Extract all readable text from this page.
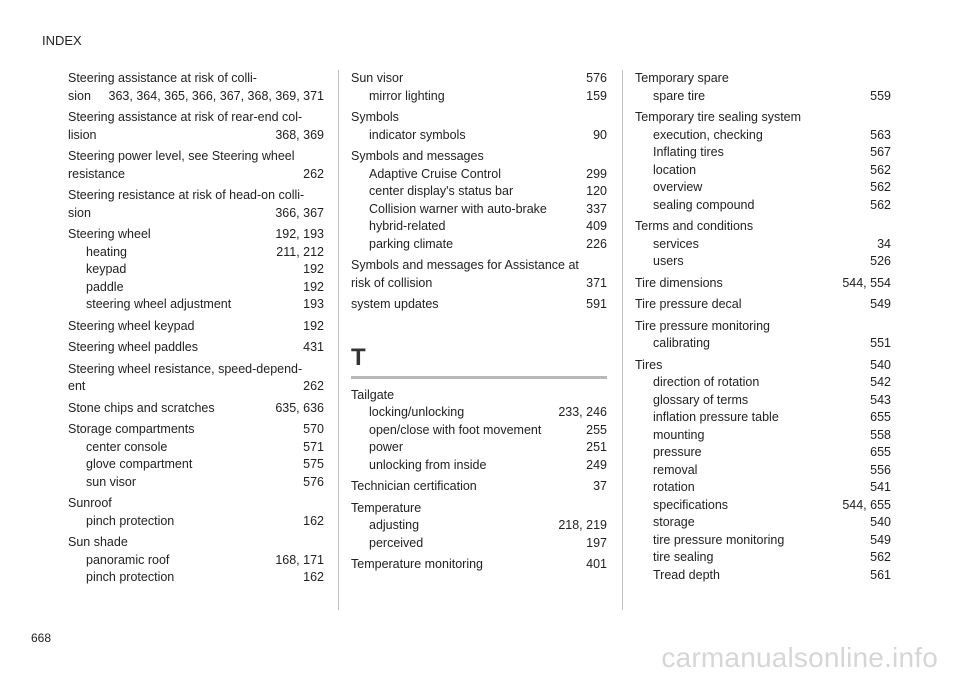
INDEX
Steering assistance at risk of colli-
sion 363, 364, 365, 366, 367, 368, 369, 371
Steering assistance at risk of rear-end col-
lision	368, 369
Steering power level, see Steering wheel
resistance	262
Steering resistance at risk of head-on colli-
sion	366, 367
Steering wheel	192, 193
heating	211, 212
keypad	192
paddle	192
steering wheel adjustment	193
Steering wheel keypad	192
Steering wheel paddles	431
Steering wheel resistance, speed-depend-
ent	262
Stone chips and scratches	635, 636
Storage compartments	570
center console	571
glove compartment	575
sun visor	576
Sunroof
pinch protection	162
Sun shade
panoramic roof	168, 171
pinch protection	162
Sun visor	576
mirror lighting	159
Symbols
indicator symbols	90
Symbols and messages
Adaptive Cruise Control	299
center display's status bar	120
Collision warner with auto-brake	337
hybrid-related	409
parking climate	226
Symbols and messages for Assistance at
risk of collision	371
system updates	591
T
Tailgate
locking/unlocking	233, 246
open/close with foot movement	255
power	251
unlocking from inside	249
Technician certification	37
Temperature
adjusting	218, 219
perceived	197
Temperature monitoring	401
Temporary spare
spare tire	559
Temporary tire sealing system
execution, checking	563
Inflating tires	567
location	562
overview	562
sealing compound	562
Terms and conditions
services	34
users	526
Tire dimensions	544, 554
Tire pressure decal	549
Tire pressure monitoring
calibrating	551
Tires	540
direction of rotation	542
glossary of terms	543
inflation pressure table	655
mounting	558
pressure	655
removal	556
rotation	541
specifications	544, 655
storage	540
tire pressure monitoring	549
tire sealing	562
Tread depth	561
668
carmanualsonline.info
